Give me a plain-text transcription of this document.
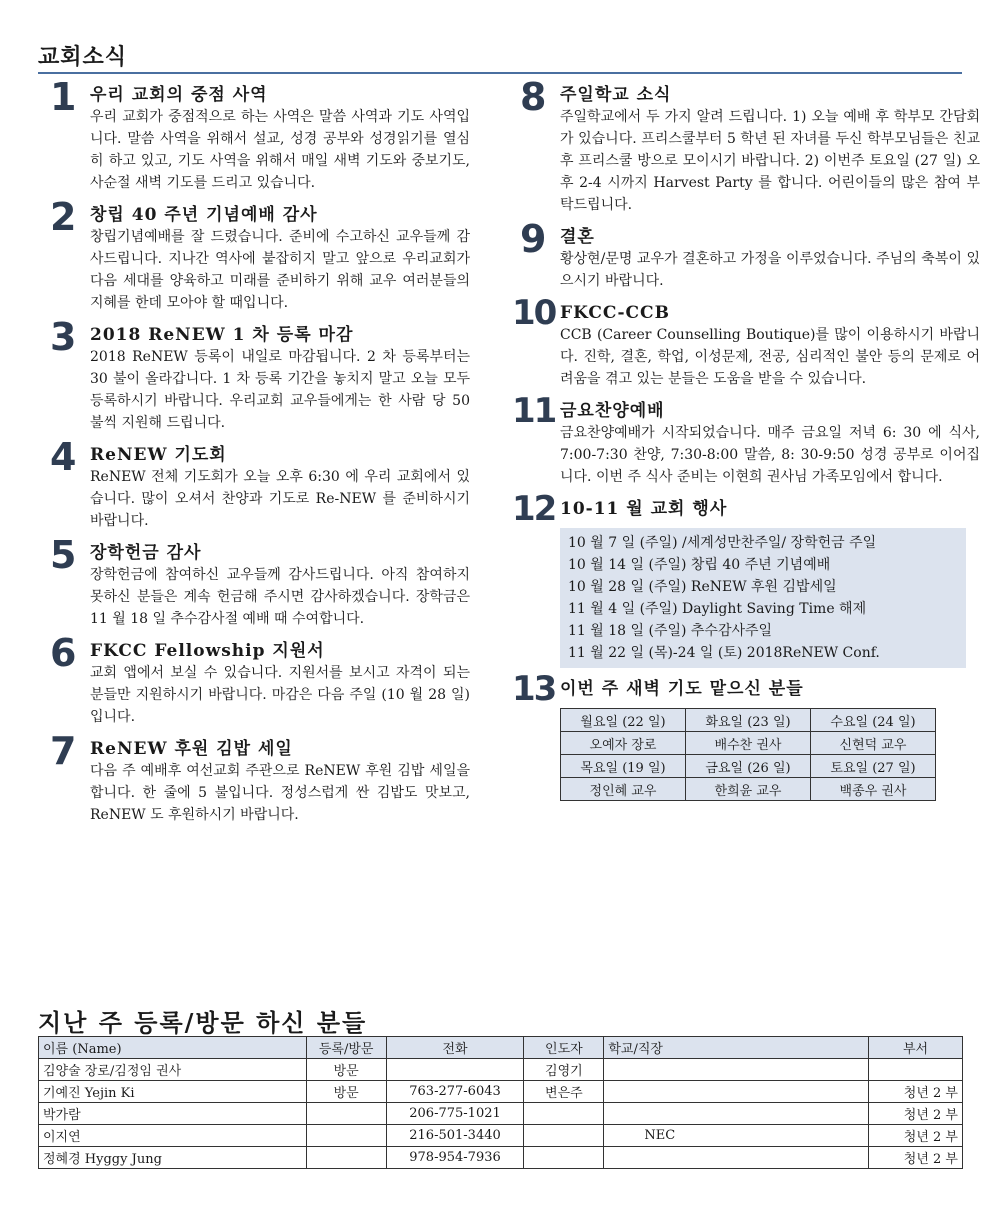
교회소식
1 우리 교회의 중점 사역
우리 교회가 중점적으로 하는 사역은 말씀 사역과 기도 사역입니다. 말씀 사역을 위해서 설교, 성경 공부와 성경읽기를 열심히 하고 있고, 기도 사역을 위해서 매일 새벽 기도와 중보기도, 사순절 새벽 기도를 드리고 있습니다.
2 창립 40 주년 기념예배 감사
창립기념예배를 잘 드렸습니다. 준비에 수고하신 교우들께 감사드립니다. 지나간 역사에 붙잡히지 말고 앞으로 우리교회가 다음 세대를 양육하고 미래를 준비하기 위해 교우 여러분들의 지혜를 한데 모아야 할 때입니다.
3 2018 ReNEW 1 차 등록 마감
2018 ReNEW 등록이 내일로 마감됩니다. 2 차 등록부터는 30 불이 올라갑니다. 1 차 등록 기간을 놓치지 말고 오늘 모두 등록하시기 바랍니다. 우리교회 교우들에게는 한 사람 당 50 불씩 지원해 드립니다.
4 ReNEW 기도회
ReNEW 전체 기도회가 오늘 오후 6:30 에 우리 교회에서 있습니다. 많이 오셔서 찬양과 기도로 Re-NEW 를 준비하시기 바랍니다.
5 장학헌금 감사
장학헌금에 참여하신 교우들께 감사드립니다. 아직 참여하지 못하신 분들은 계속 헌금해 주시면 감사하겠습니다. 장학금은 11 월 18 일 추수감사절 예배 때 수여합니다.
6 FKCC Fellowship 지원서
교회 앱에서 보실 수 있습니다. 지원서를 보시고 자격이 되는 분들만 지원하시기 바랍니다. 마감은 다음 주일 (10 월 28 일)입니다.
7 ReNEW 후원 김밥 세일
다음 주 예배후 여선교회 주관으로 ReNEW 후원 김밥 세일을 합니다. 한 줄에 5 불입니다. 정성스럽게 싼 김밥도 맛보고, ReNEW 도 후원하시기 바랍니다.
8 주일학교 소식
주일학교에서 두 가지 알려 드립니다. 1) 오늘 예배 후 학부모 간담회가 있습니다. 프리스쿨부터 5 학년 된 자녀를 두신 학부모님들은 친교후 프리스쿨 방으로 모이시기 바랍니다. 2) 이번주 토요일 (27 일) 오후 2-4 시까지 Harvest Party 를 합니다. 어린이들의 많은 참여 부탁드립니다.
9 결혼
황상현/문명 교우가 결혼하고 가정을 이루었습니다. 주님의 축복이 있으시기 바랍니다.
10 FKCC-CCB
CCB (Career Counselling Boutique)를 많이 이용하시기 바랍니다. 진학, 결혼, 학업, 이성문제, 전공, 심리적인 불안 등의 문제로 어려움을 겪고 있는 분들은 도움을 받을 수 있습니다.
11 금요찬양예배
금요찬양예배가 시작되었습니다. 매주 금요일 저녁 6: 30 에 식사, 7:00-7:30 찬양, 7:30-8:00 말씀, 8: 30-9:50 성경 공부로 이어집니다. 이번 주 식사 준비는 이현희 권사님 가족모임에서 합니다.
12 10-11 월 교회 행사
10 월 7 일 (주일) /세계성만찬주일/ 장학헌금 주일
10 월 14 일 (주일) 창립 40 주년 기념예배
10 월 28 일 (주일) ReNEW 후원 김밥세일
11 월 4 일 (주일) Daylight Saving Time 해제
11 월 18 일 (주일) 추수감사주일
11 월 22 일 (목)-24 일 (토) 2018ReNEW Conf.
13 이번 주 새벽 기도 맡으신 분들
월요일 (22 일)	화요일 (23 일)	수요일 (24 일)
오예자 장로	배수찬 권사	신현덕 교우
목요일 (19 일)	금요일 (26 일)	토요일 (27 일)
정인혜 교우	한희윤 교우	백종우 권사
지난 주 등록/방문 하신 분들
이름 (Name)	등록/방문	전화	인도자	학교/직장	부서
김양술 장로/김정임 권사	방문		김영기		
기예진 Yejin Ki	방문	763-277-6043	변은주		청년 2 부
박가람		206-775-1021			청년 2 부
이지연		216-501-3440		NEC	청년 2 부
정혜경 Hyggy Jung		978-954-7936			청년 2 부
